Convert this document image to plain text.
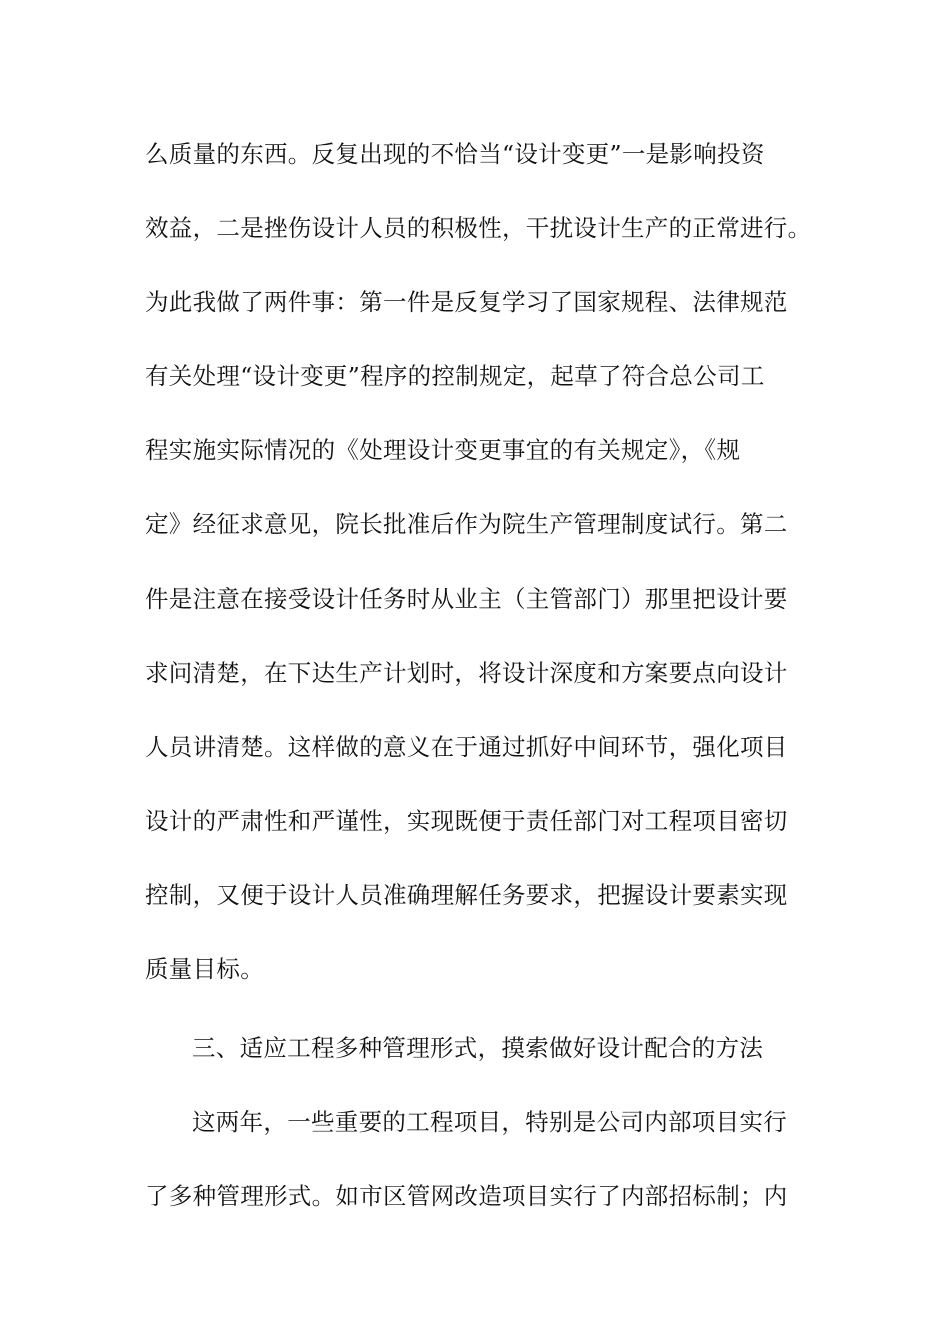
么质量的东西。反复出现的不恰当“设计变更”一是影响投资
效益，二是挫伤设计人员的积极性，干扰设计生产的正常进行。
为此我做了两件事：第一件是反复学习了国家规程、法律规范
有关处理“设计变更”程序的控制规定，起草了符合总公司工
程实施实际情况的《处理设计变更事宜的有关规定》，《规
定》经征求意见，院长批准后作为院生产管理制度试行。第二
件是注意在接受设计任务时从业主（主管部门）那里把设计要
求问清楚，在下达生产计划时，将设计深度和方案要点向设计
人员讲清楚。这样做的意义在于通过抓好中间环节，强化项目
设计的严肃性和严谨性，实现既便于责任部门对工程项目密切
控制，又便于设计人员准确理解任务要求，把握设计要素实现
质量目标。
三、适应工程多种管理形式，摸索做好设计配合的方法
这两年，一些重要的工程项目，特别是公司内部项目实行
了多种管理形式。如市区管网改造项目实行了内部招标制；内
